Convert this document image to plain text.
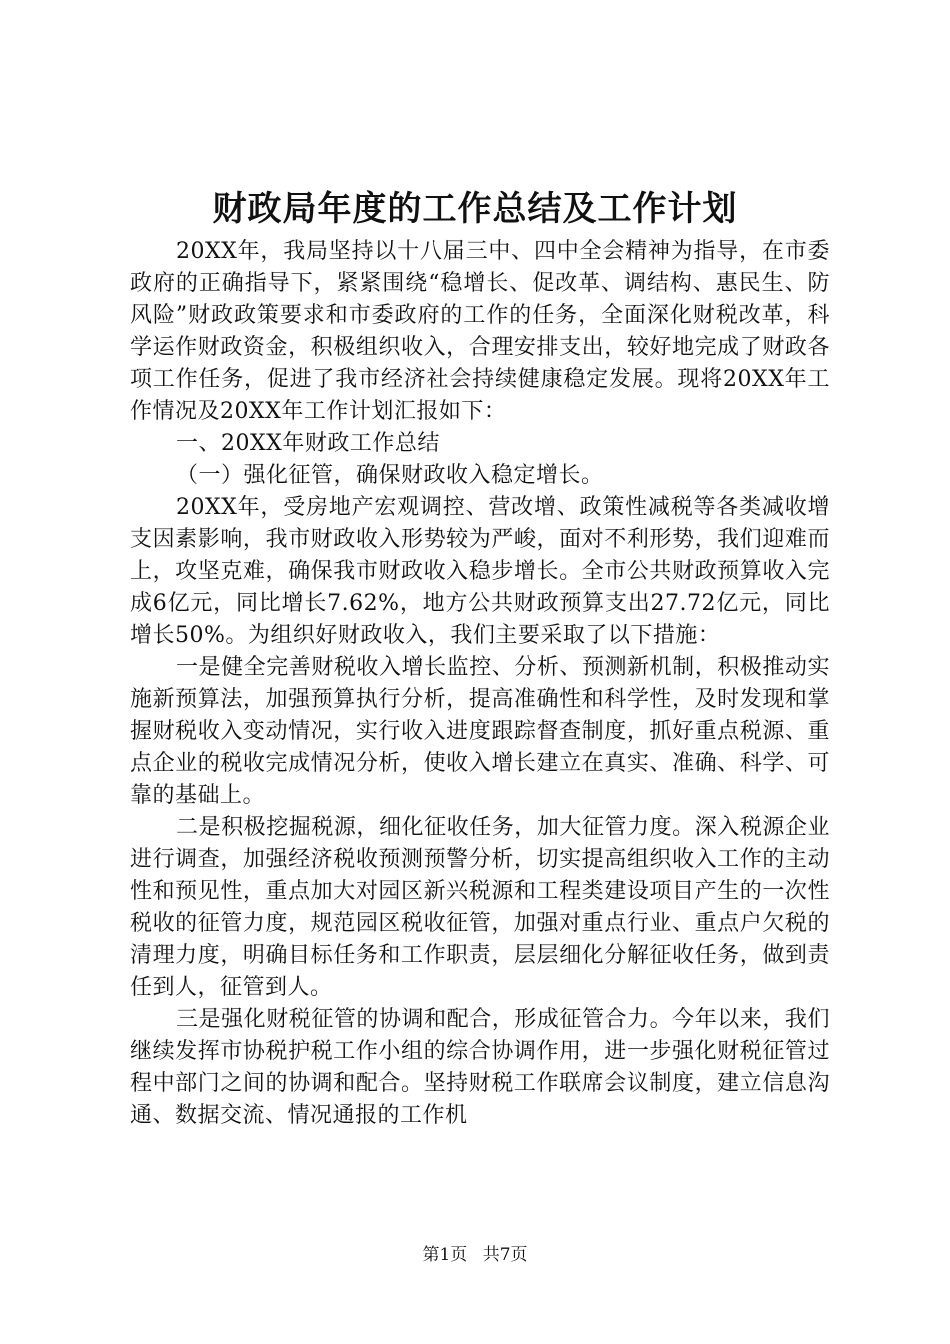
财政局年度的工作总结及工作计划

20XX年，我局坚持以十八届三中、四中全会精神为指导，在市委政府的正确指导下，紧紧围绕“稳增长、促改革、调结构、惠民生、防风险”财政政策要求和市委政府的工作的任务，全面深化财税改革，科学运作财政资金，积极组织收入，合理安排支出，较好地完成了财政各项工作任务，促进了我市经济社会持续健康稳定发展。现将20XX年工作情况及20XX年工作计划汇报如下：

一、20XX年财政工作总结

（一）强化征管，确保财政收入稳定增长。

20XX年，受房地产宏观调控、营改增、政策性减税等各类减收增支因素影响，我市财政收入形势较为严峻，面对不利形势，我们迎难而上，攻坚克难，确保我市财政收入稳步增长。全市公共财政预算收入完成6亿元，同比增长7.62%，地方公共财政预算支出27.72亿元，同比增长50%。为组织好财政收入，我们主要采取了以下措施：

一是健全完善财税收入增长监控、分析、预测新机制，积极推动实施新预算法，加强预算执行分析，提高准确性和科学性，及时发现和掌握财税收入变动情况，实行收入进度跟踪督查制度，抓好重点税源、重点企业的税收完成情况分析，使收入增长建立在真实、准确、科学、可靠的基础上。

二是积极挖掘税源，细化征收任务，加大征管力度。深入税源企业进行调查，加强经济税收预测预警分析，切实提高组织收入工作的主动性和预见性，重点加大对园区新兴税源和工程类建设项目产生的一次性税收的征管力度，规范园区税收征管，加强对重点行业、重点户欠税的清理力度，明确目标任务和工作职责，层层细化分解征收任务，做到责任到人，征管到人。

三是强化财税征管的协调和配合，形成征管合力。今年以来，我们继续发挥市协税护税工作小组的综合协调作用，进一步强化财税征管过程中部门之间的协调和配合。坚持财税工作联席会议制度，建立信息沟通、数据交流、情况通报的工作机

第1页 共7页
